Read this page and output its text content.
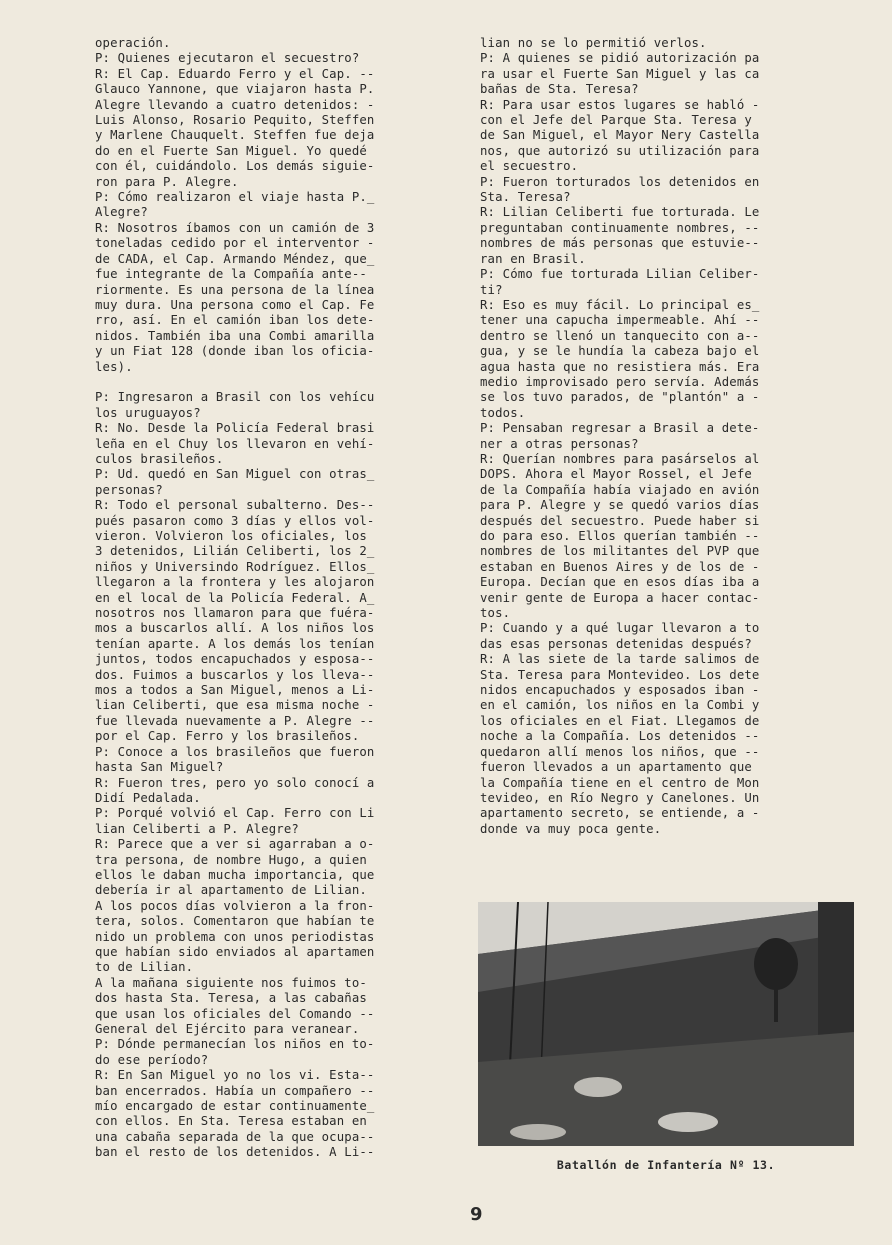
operación.

P: Quienes ejecutaron el secuestro?

R: El Cap. Eduardo Ferro y el Cap. --

Glauco Yannone, que viajaron hasta P.

Alegre llevando a cuatro detenidos: -

Luis Alonso, Rosario Pequito, Steffen

y Marlene Chauquelt. Steffen fue deja

do en el Fuerte San Miguel. Yo quedé

con él, cuidándolo. Los demás siguie-

ron para P. Alegre.

P: Cómo realizaron el viaje hasta P._

Alegre?

R: Nosotros íbamos con un camión de 3

toneladas cedido por el interventor -

de CADA, el Cap. Armando Méndez, que_

fue integrante de la Compañía ante--

riormente. Es una persona de la línea

muy dura. Una persona como el Cap. Fe

rro, así. En el camión iban los dete-

nidos. También iba una Combi amarilla

y un Fiat 128 (donde iban los oficia-

les).

P: Ingresaron a Brasil con los vehícu

los uruguayos?

R: No. Desde la Policía Federal brasi

leña en el Chuy los llevaron en vehí-

culos brasileños.

P: Ud. quedó en San Miguel con otras_

personas?

R: Todo el personal subalterno. Des--

pués pasaron como 3 días y ellos vol-

vieron. Volvieron los oficiales, los

3 detenidos, Lilián Celiberti, los 2_

niños y Universindo Rodríguez. Ellos_

llegaron a la frontera y les alojaron

en el local de la Policía Federal. A_

nosotros nos llamaron para que fuéra-

mos a buscarlos allí. A los niños los

tenían aparte. A los demás los tenían

juntos, todos encapuchados y esposa--

dos. Fuimos a buscarlos y los lleva--

mos a todos a San Miguel, menos a Li-

lian Celiberti, que esa misma noche -

fue llevada nuevamente a P. Alegre --

por el Cap. Ferro y los brasileños.

P: Conoce a los brasileños que fueron

hasta San Miguel?

R: Fueron tres, pero yo solo conocí a

Didí Pedalada.

P: Porqué volvió el Cap. Ferro con Li

lian Celiberti a P. Alegre?

R: Parece que a ver si agarraban a o-

tra persona, de nombre Hugo, a quien

ellos le daban mucha importancia, que

debería ir al apartamento de Lilian.

A los pocos días volvieron a la fron-

tera, solos. Comentaron que habían te

nido un problema con unos periodistas

que habían sido enviados al apartamen

to de Lilian.

A la mañana siguiente nos fuimos to-

dos hasta Sta. Teresa, a las cabañas

que usan los oficiales del Comando --

General del Ejército para veranear.

P: Dónde permanecían los niños en to-

do ese período?

R: En San Miguel yo no los vi. Esta--

ban encerrados. Había un compañero --

mío encargado de estar continuamente_

con ellos. En Sta. Teresa estaban en

una cabaña separada de la que ocupa--

ban el resto de los detenidos. A Li--

lian no se lo permitió verlos.

P: A quienes se pidió autorización pa

ra usar el Fuerte San Miguel y las ca

bañas de Sta. Teresa?

R: Para usar estos lugares se habló -

con el Jefe del Parque Sta. Teresa y

de San Miguel, el Mayor Nery Castella

nos, que autorizó su utilización para

el secuestro.

P: Fueron torturados los detenidos en

Sta. Teresa?

R: Lilian Celiberti fue torturada. Le

preguntaban continuamente nombres, --

nombres de más personas que estuvie--

ran en Brasil.

P: Cómo fue torturada Lilian Celiber-

ti?

R: Eso es muy fácil. Lo principal es_

tener una capucha impermeable. Ahí --

dentro se llenó un tanquecito con a--

gua, y se le hundía la cabeza bajo el

agua hasta que no resistiera más. Era

medio improvisado pero servía. Además

se los tuvo parados, de "plantón" a -

todos.

P: Pensaban regresar a Brasil a dete-

ner a otras personas?

R: Querían nombres para pasárselos al

DOPS. Ahora el Mayor Rossel, el Jefe

de la Compañía había viajado en avión

para P. Alegre y se quedó varios días

después del secuestro. Puede haber si

do para eso. Ellos querían también --

nombres de los militantes del PVP que

estaban en Buenos Aires y de los de -

Europa. Decían que en esos días iba a

venir gente de Europa a hacer contac-

tos.

P: Cuando y a qué lugar llevaron a to

das esas personas detenidas después?

R: A las siete de la tarde salimos de

Sta. Teresa para Montevideo. Los dete

nidos encapuchados y esposados iban -

en el camión, los niños en la Combi y

los oficiales en el Fiat. Llegamos de

noche a la Compañía. Los detenidos --

quedaron allí menos los niños, que --

fueron llevados a un apartamento que

la Compañía tiene en el centro de Mon

tevideo, en Río Negro y Canelones. Un

apartamento secreto, se entiende, a -

donde va muy poca gente.

Batallón de Infantería Nº 13.
9
